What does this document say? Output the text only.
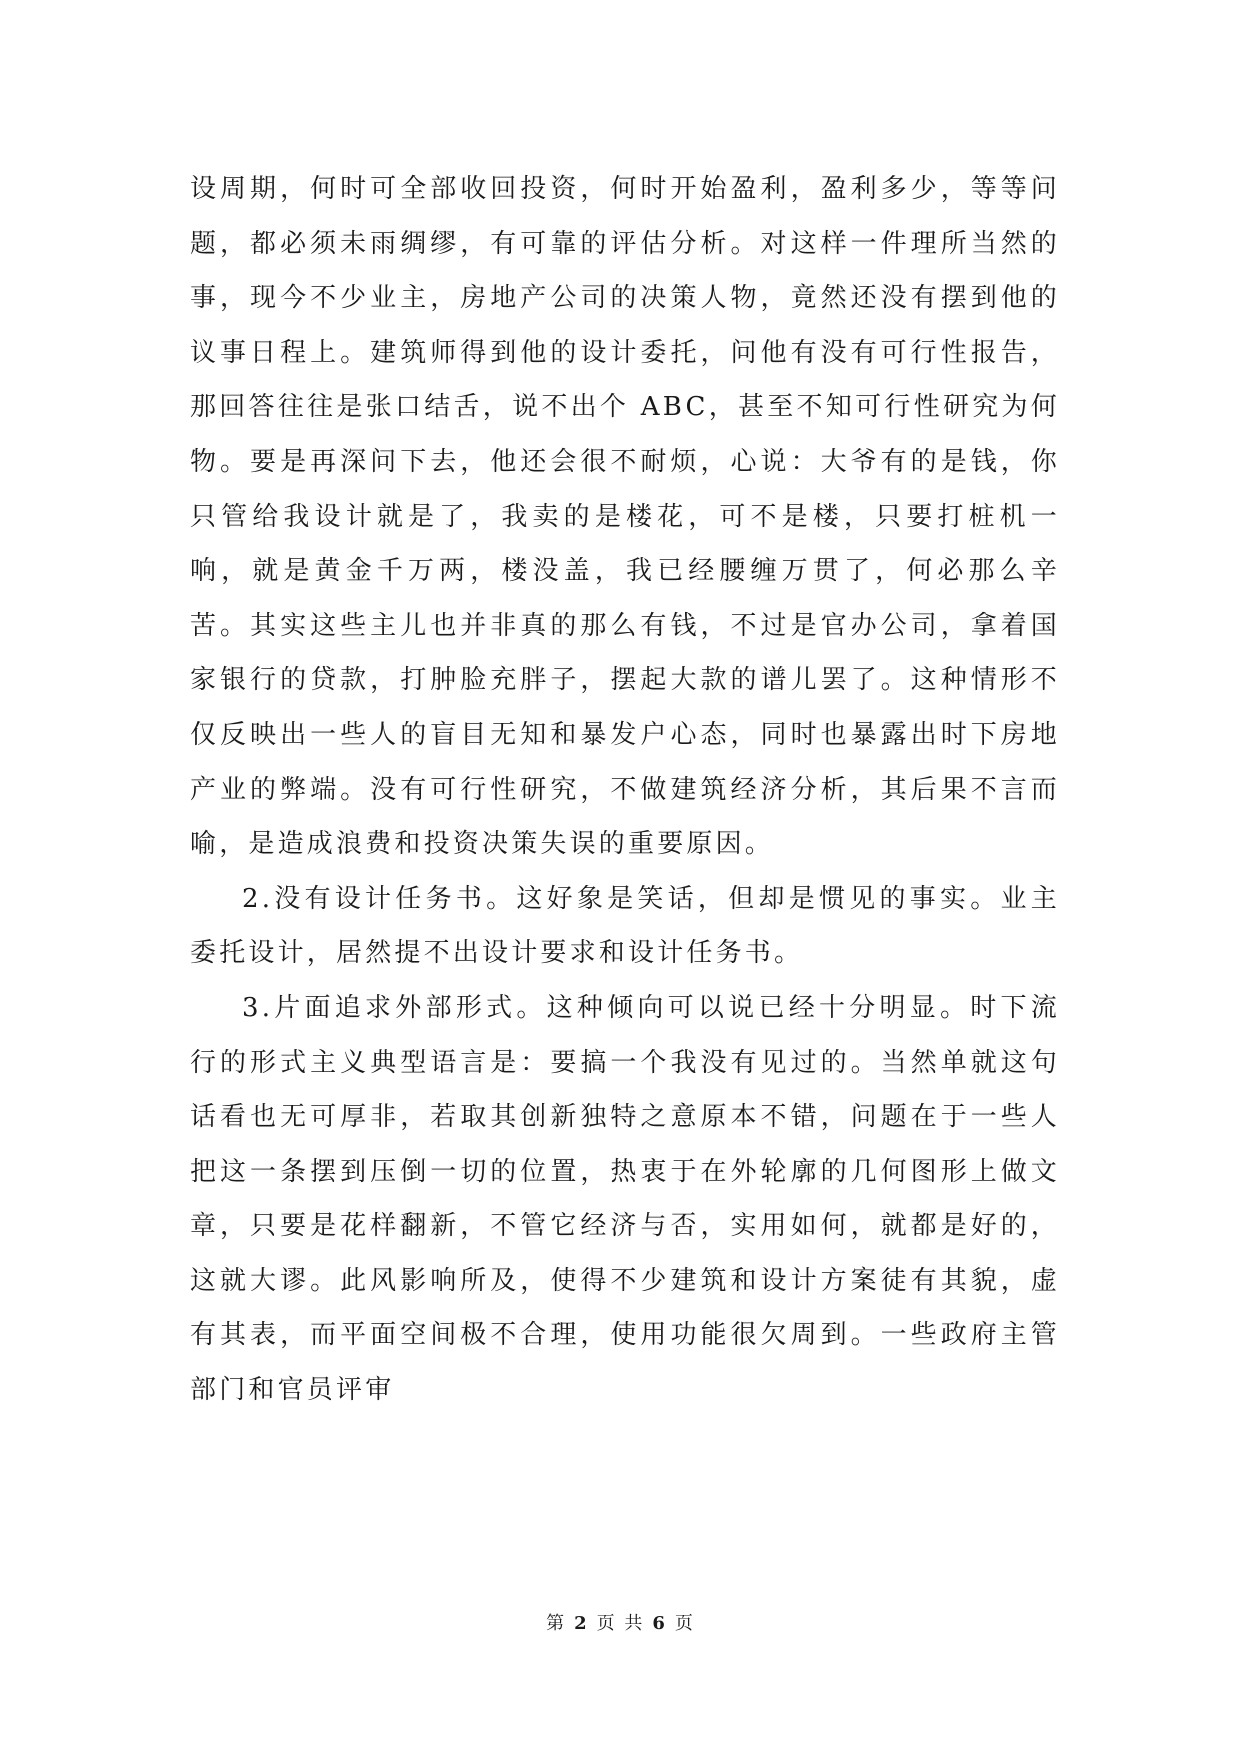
设周期，何时可全部收回投资，何时开始盈利，盈利多少，等等问题，都必须未雨绸缪，有可靠的评估分析。对这样一件理所当然的事，现今不少业主，房地产公司的决策人物，竟然还没有摆到他的议事日程上。建筑师得到他的设计委托，问他有没有可行性报告，那回答往往是张口结舌，说不出个 ABC，甚至不知可行性研究为何物。要是再深问下去，他还会很不耐烦，心说：大爷有的是钱，你只管给我设计就是了，我卖的是楼花，可不是楼，只要打桩机一响，就是黄金千万两，楼没盖，我已经腰缠万贯了，何必那么辛苦。其实这些主儿也并非真的那么有钱，不过是官办公司，拿着国家银行的贷款，打肿脸充胖子，摆起大款的谱儿罢了。这种情形不仅反映出一些人的盲目无知和暴发户心态，同时也暴露出时下房地产业的弊端。没有可行性研究，不做建筑经济分析，其后果不言而喻，是造成浪费和投资决策失误的重要原因。

2.没有设计任务书。这好象是笑话，但却是惯见的事实。业主委托设计，居然提不出设计要求和设计任务书。

3.片面追求外部形式。这种倾向可以说已经十分明显。时下流行的形式主义典型语言是：要搞一个我没有见过的。当然单就这句话看也无可厚非，若取其创新独特之意原本不错，问题在于一些人把这一条摆到压倒一切的位置，热衷于在外轮廓的几何图形上做文章，只要是花样翻新，不管它经济与否，实用如何，就都是好的，这就大谬。此风影响所及，使得不少建筑和设计方案徒有其貌，虚有其表，而平面空间极不合理，使用功能很欠周到。一些政府主管部门和官员评审

第 2 页 共 6 页
